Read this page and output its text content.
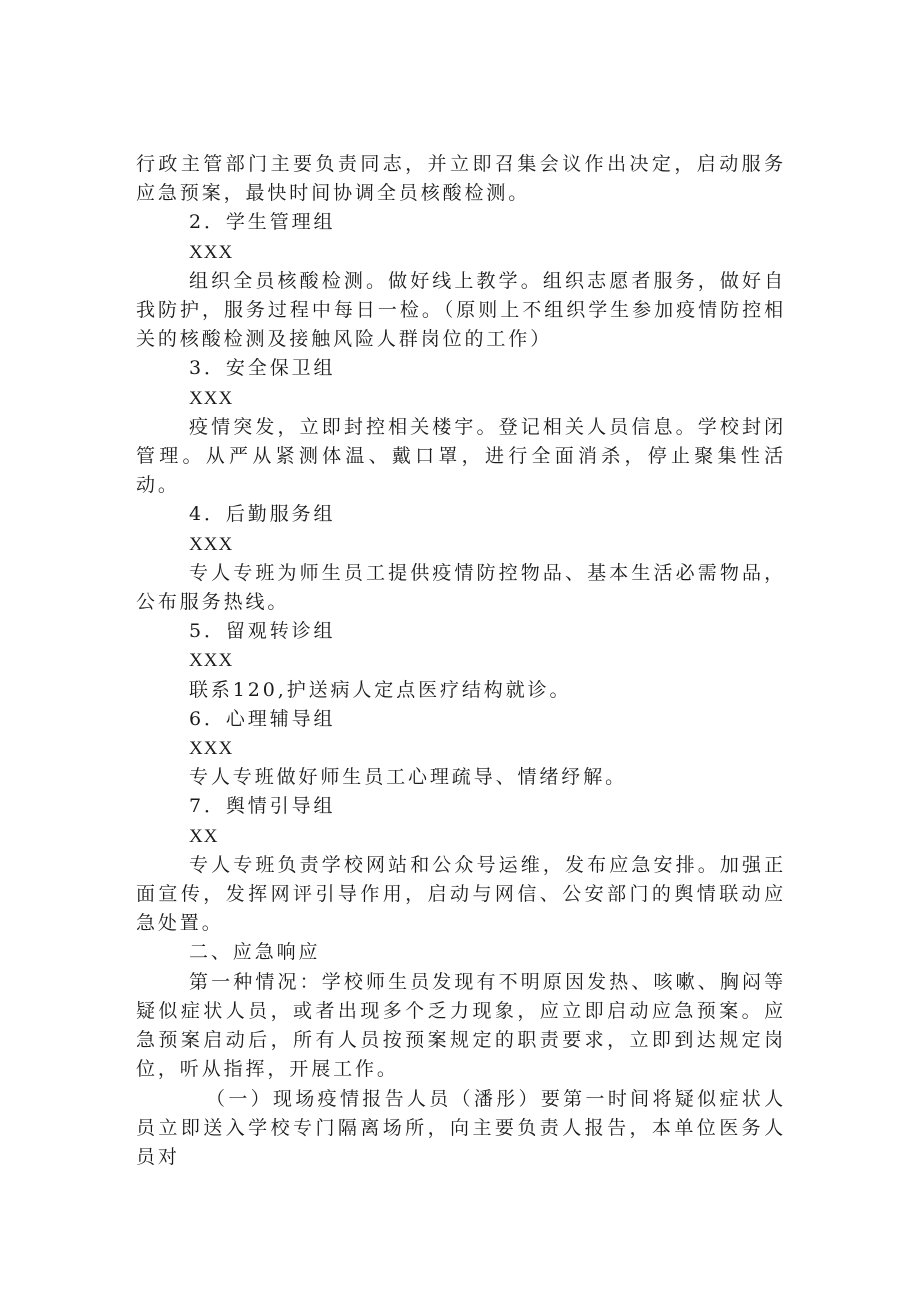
行政主管部门主要负责同志，并立即召集会议作出决定，启动服务应急预案，最快时间协调全员核酸检测。

2．学生管理组

XXX

组织全员核酸检测。做好线上教学。组织志愿者服务，做好自我防护，服务过程中每日一检。（原则上不组织学生参加疫情防控相关的核酸检测及接触风险人群岗位的工作）

3．安全保卫组

XXX

疫情突发，立即封控相关楼宇。登记相关人员信息。学校封闭管理。从严从紧测体温、戴口罩，进行全面消杀，停止聚集性活动。

4．后勤服务组

XXX

专人专班为师生员工提供疫情防控物品、基本生活必需物品，公布服务热线。

5．留观转诊组

XXX

联系120,护送病人定点医疗结构就诊。

6．心理辅导组

XXX

专人专班做好师生员工心理疏导、情绪纾解。

7．舆情引导组

XX

专人专班负责学校网站和公众号运维，发布应急安排。加强正面宣传，发挥网评引导作用，启动与网信、公安部门的舆情联动应急处置。

二、应急响应

第一种情况：学校师生员发现有不明原因发热、咳嗽、胸闷等疑似症状人员，或者出现多个乏力现象，应立即启动应急预案。应急预案启动后，所有人员按预案规定的职责要求，立即到达规定岗位，听从指挥，开展工作。

（一）现场疫情报告人员（潘彤）要第一时间将疑似症状人员立即送入学校专门隔离场所，向主要负责人报告，本单位医务人员对
